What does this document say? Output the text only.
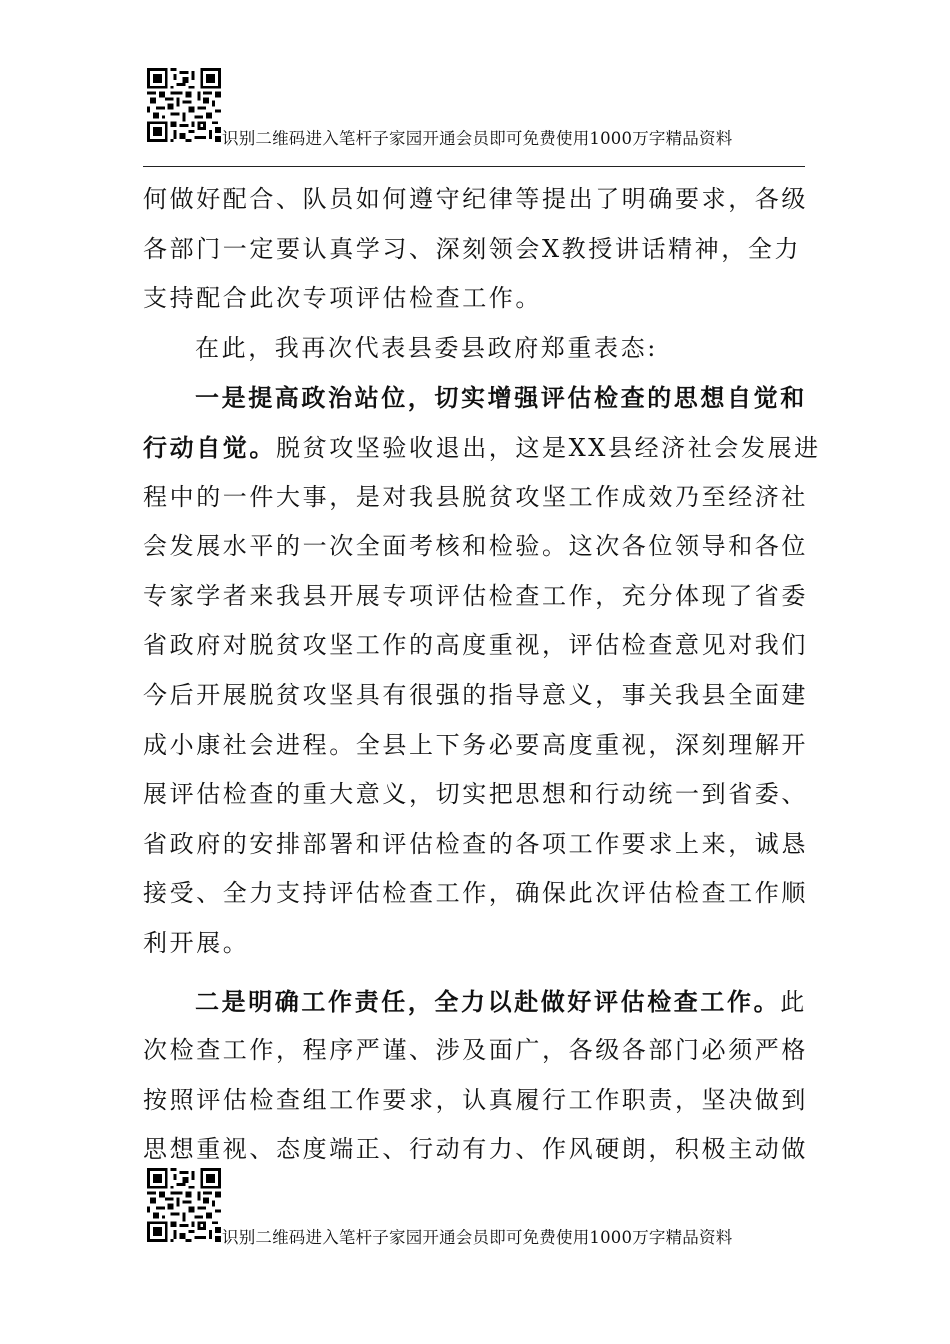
识别二维码进入笔杆子家园开通会员即可免费使用1000万字精品资料
何做好配合、队员如何遵守纪律等提出了明确要求，各级
各部门一定要认真学习、深刻领会X教授讲话精神，全力
支持配合此次专项评估检查工作。
在此，我再次代表县委县政府郑重表态:
一是提高政治站位，切实增强评估检查的思想自觉和
行动自觉。脱贫攻坚验收退出，这是XX县经济社会发展进
程中的一件大事，是对我县脱贫攻坚工作成效乃至经济社
会发展水平的一次全面考核和检验。这次各位领导和各位
专家学者来我县开展专项评估检查工作，充分体现了省委
省政府对脱贫攻坚工作的高度重视，评估检查意见对我们
今后开展脱贫攻坚具有很强的指导意义，事关我县全面建
成小康社会进程。全县上下务必要高度重视，深刻理解开
展评估检查的重大意义，切实把思想和行动统一到省委、
省政府的安排部署和评估检查的各项工作要求上来，诚恳
接受、全力支持评估检查工作，确保此次评估检查工作顺
利开展。
二是明确工作责任，全力以赴做好评估检查工作。此
次检查工作，程序严谨、涉及面广，各级各部门必须严格
按照评估检查组工作要求，认真履行工作职责，坚决做到
思想重视、态度端正、行动有力、作风硬朗，积极主动做
识别二维码进入笔杆子家园开通会员即可免费使用1000万字精品资料
